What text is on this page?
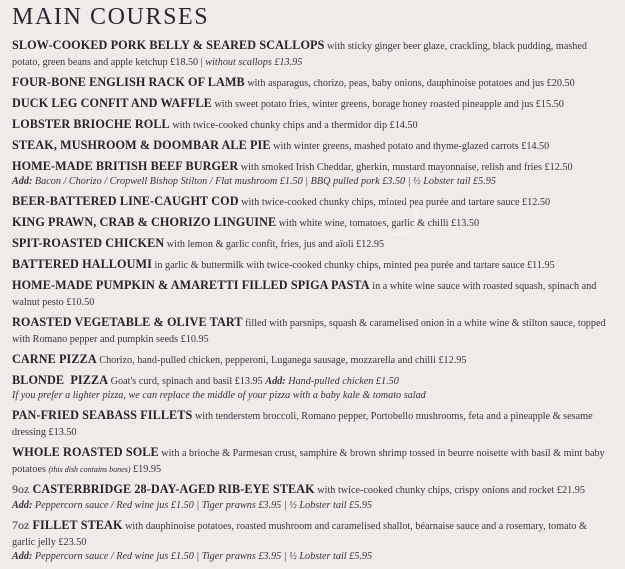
MAIN COURSES
SLOW-COOKED PORK BELLY & SEARED SCALLOPS with sticky ginger beer glaze, crackling, black pudding, mashed potato, green beans and apple ketchup £18.50 | without scallops £13.95
FOUR-BONE ENGLISH RACK OF LAMB with asparagus, chorizo, peas, baby onions, dauphinoise potatoes and jus £20.50
DUCK LEG CONFIT AND WAFFLE with sweet potato fries, winter greens, borage honey roasted pineapple and jus £15.50
LOBSTER BRIOCHE ROLL with twice-cooked chunky chips and a thermidor dip £14.50
STEAK, MUSHROOM & DOOMBAR ALE PIE with winter greens, mashed potato and thyme-glazed carrots £14.50
HOME-MADE BRITISH BEEF BURGER with smoked Irish Cheddar, gherkin, mustard mayonnaise, relish and fries £12.50
Add: Bacon / Chorizo / Cropwell Bishop Stilton / Flat mushroom £1.50 | BBQ pulled pork £3.50 | ½ Lobster tail £5.95
BEER-BATTERED LINE-CAUGHT COD with twice-cooked chunky chips, minted pea purée and tartare sauce £12.50
KING PRAWN, CRAB & CHORIZO LINGUINE with white wine, tomatoes, garlic & chilli £13.50
SPIT-ROASTED CHICKEN with lemon & garlic confit, fries, jus and aïoli £12.95
BATTERED HALLOUMI in garlic & buttermilk with twice-cooked chunky chips, minted pea purée and tartare sauce £11.95
HOME-MADE PUMPKIN & AMARETTI FILLED SPIGA PASTA in a white wine sauce with roasted squash, spinach and walnut pesto £10.50
ROASTED VEGETABLE & OLIVE TART filled with parsnips, squash & caramelised onion in a white wine & stilton sauce, topped with Romano pepper and pumpkin seeds £10.95
CARNE PIZZA Chorizo, hand-pulled chicken, pepperoni, Luganega sausage, mozzarella and chilli £12.95
BLONDE  PIZZA Goat's curd, spinach and basil £13.95 Add: Hand-pulled chicken £1.50
If you prefer a lighter pizza, we can replace the middle of your pizza with a baby kale & tomato salad
PAN-FRIED SEABASS FILLETS with tenderstem broccoli, Romano pepper, Portobello mushrooms, feta and a pineapple & sesame dressing £13.50
WHOLE ROASTED SOLE with a brioche & Parmesan crust, samphire & brown shrimp tossed in beurre noisette with basil & mint baby potatoes (this dish contains bones) £19.95
9oz CASTERBRIDGE 28-DAY-AGED RIB-EYE STEAK with twice-cooked chunky chips, crispy onions and rocket £21.95
Add: Peppercorn sauce / Red wine jus £1.50 | Tiger prawns £3.95 | ½ Lobster tail £5.95
7oz FILLET STEAK with dauphinoise potatoes, roasted mushroom and caramelised shallot, béarnaise sauce and a rosemary, tomato & garlic jelly £23.50
Add: Peppercorn sauce / Red wine jus £1.50 | Tiger prawns £3.95 | ½ Lobster tail £5.95
